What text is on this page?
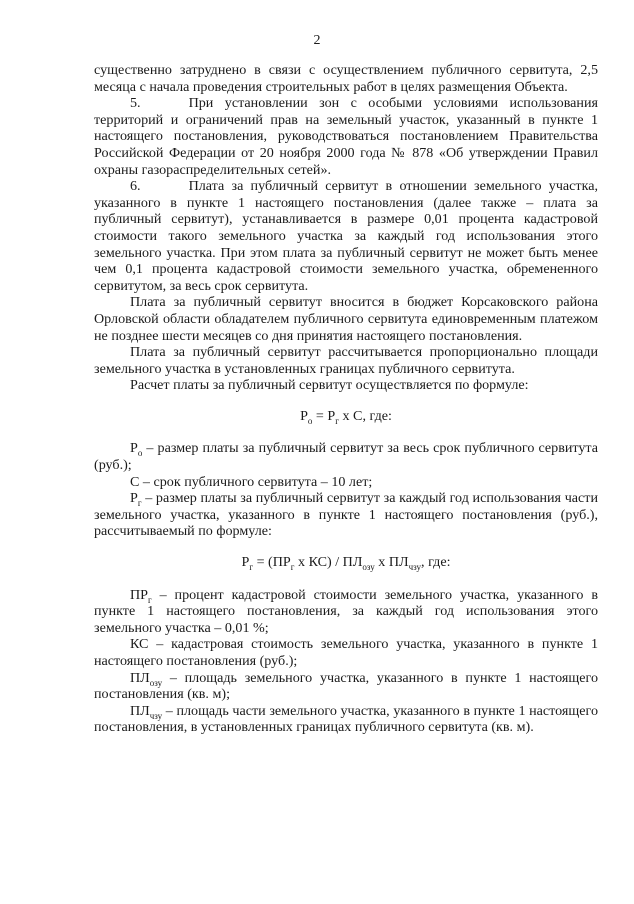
2

существенно затруднено в связи с осуществлением публичного сервитута, 2,5 месяца с начала проведения строительных работ в целях размещения Объекта.

5.	При установлении зон с особыми условиями использования территорий и ограничений прав на земельный участок, указанный в пункте 1 настоящего постановления, руководствоваться постановлением Правительства Российской Федерации от 20 ноября 2000 года № 878 «Об утверждении Правил охраны газораспределительных сетей».

6.	Плата за публичный сервитут в отношении земельного участка, указанного в пункте 1 настоящего постановления (далее также – плата за публичный сервитут), устанавливается в размере 0,01 процента кадастровой стоимости такого земельного участка за каждый год использования этого земельного участка. При этом плата за публичный сервитут не может быть менее чем 0,1 процента кадастровой стоимости земельного участка, обремененного сервитутом, за весь срок сервитута.

Плата за публичный сервитут вносится в бюджет Корсаковского района Орловской области обладателем публичного сервитута единовременным платежом не позднее шести месяцев со дня принятия настоящего постановления.

Плата за публичный сервитут рассчитывается пропорционально площади земельного участка в установленных границах публичного сервитута.

Расчет платы за публичный сервитут осуществляется по формуле:

$Р_о = Р_г$ х С, где:

$Р_о$ – размер платы за публичный сервитут за весь срок публичного сервитута (руб.);

С – срок публичного сервитута – 10 лет;

$Р_г$ – размер платы за публичный сервитут за каждый год использования части земельного участка, указанного в пункте 1 настоящего постановления (руб.), рассчитываемый по формуле:

$Р_г = (ПР_г$ х $КС) / ПЛ_{озу}$ х $ПЛ_{чзу}$, где:

$ПР_г$ – процент кадастровой стоимости земельного участка, указанного в пункте 1 настоящего постановления, за каждый год использования этого земельного участка – 0,01 %;

КС – кадастровая стоимость земельного участка, указанного в пункте 1 настоящего постановления (руб.);

$ПЛ_{озу}$ – площадь земельного участка, указанного в пункте 1 настоящего постановления (кв. м);

$ПЛ_{чзу}$ – площадь части земельного участка, указанного в пункте 1 настоящего постановления, в установленных границах публичного сервитута (кв. м).
